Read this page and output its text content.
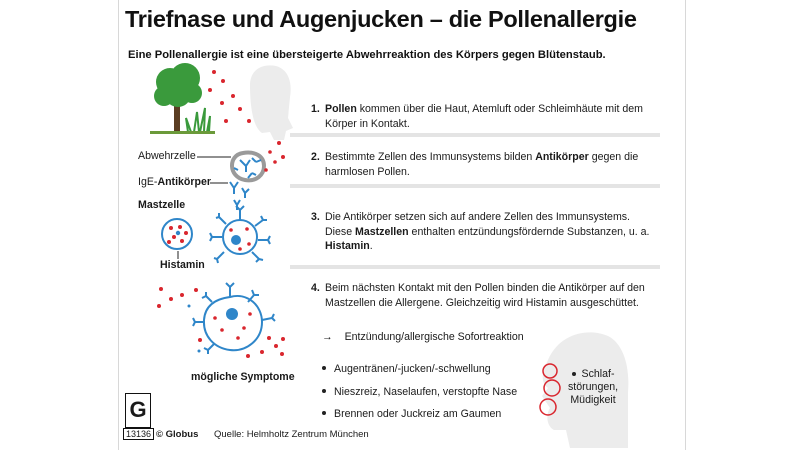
Triefnase und Augenjucken – die Pollenallergie
Eine Pollenallergie ist eine übersteigerte Abwehrreaktion des Körpers gegen Blütenstaub.
1. Pollen kommen über die Haut, Atemluft oder Schleimhäute mit dem Körper in Kontakt.
2. Bestimmte Zellen des Immunsystems bilden Antikörper gegen die harmlosen Pollen.
3. Die Antikörper setzen sich auf andere Zellen des Immunsystems. Diese Mastzellen enthalten entzündungsfördernde Substanzen, u. a. Histamin.
4. Beim nächsten Kontakt mit den Pollen binden die Antikörper auf den Mastzellen die Allergene. Gleichzeitig wird Histamin ausgeschüttet.
→ Entzündung/allergische Sofortreaktion
Abwehrzelle
IgE-Antikörper
Mastzelle
Histamin
mögliche Symptome
Augentränen/-jucken/-schwellung
Nieszreiz, Naselaufen, verstopfte Nase
Brennen oder Juckreiz am Gaumen
Schlaf-
störungen,
Müdigkeit
G
13136 © Globus Quelle: Helmholtz Zentrum München
